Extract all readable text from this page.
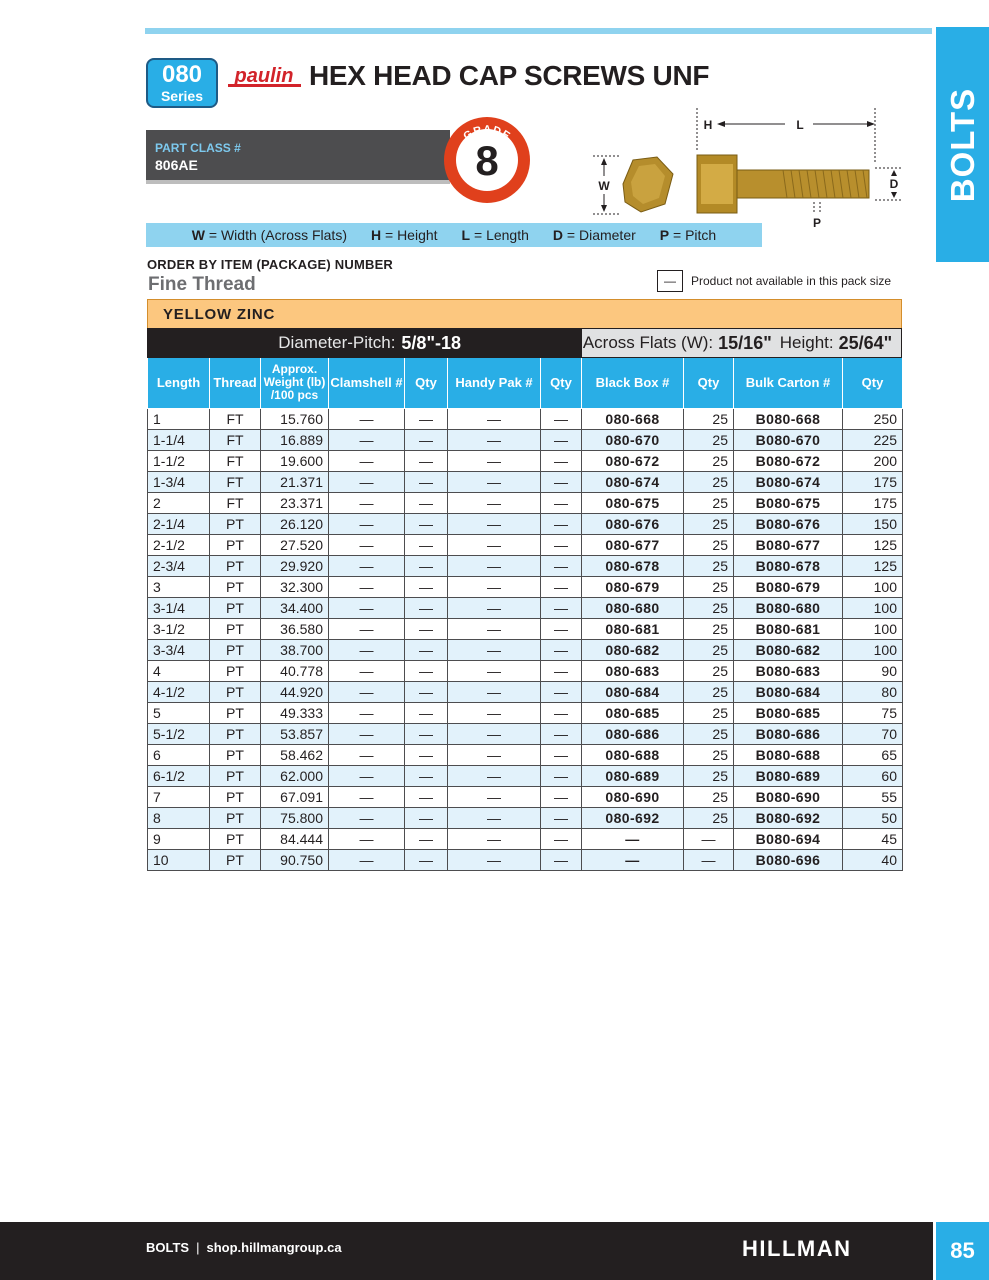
BOLTS
080
Series
paulin HEX HEAD CAP SCREWS UNF
PART CLASS #
806AE
GRADE
8
H	L
W	D
P
W = Width (Across Flats) H = Height L = Length D = Diameter P = Pitch
ORDER BY ITEM (PACKAGE) NUMBER
Fine Thread	—	Product not available in this pack size
YELLOW ZINC
Diameter-Pitch: 5/8"-18	Across Flats (W): 15/16" Height: 25/64"
Length	Thread	Approx.
Weight (lb)
/100 pcs	Clamshell #	Qty	Handy Pak #	Qty	Black Box #	Qty	Bulk Carton #	Qty
1	FT	15.760	—	—	—	—	080-668	25	B080-668	250
1-1/4	FT	16.889	—	—	—	—	080-670	25	B080-670	225
1-1/2	FT	19.600	—	—	—	—	080-672	25	B080-672	200
1-3/4	FT	21.371	—	—	—	—	080-674	25	B080-674	175
2	FT	23.371	—	—	—	—	080-675	25	B080-675	175
2-1/4	PT	26.120	—	—	—	—	080-676	25	B080-676	150
2-1/2	PT	27.520	—	—	—	—	080-677	25	B080-677	125
2-3/4	PT	29.920	—	—	—	—	080-678	25	B080-678	125
3	PT	32.300	—	—	—	—	080-679	25	B080-679	100
3-1/4	PT	34.400	—	—	—	—	080-680	25	B080-680	100
3-1/2	PT	36.580	—	—	—	—	080-681	25	B080-681	100
3-3/4	PT	38.700	—	—	—	—	080-682	25	B080-682	100
4	PT	40.778	—	—	—	—	080-683	25	B080-683	90
4-1/2	PT	44.920	—	—	—	—	080-684	25	B080-684	80
5	PT	49.333	—	—	—	—	080-685	25	B080-685	75
5-1/2	PT	53.857	—	—	—	—	080-686	25	B080-686	70
6	PT	58.462	—	—	—	—	080-688	25	B080-688	65
6-1/2	PT	62.000	—	—	—	—	080-689	25	B080-689	60
7	PT	67.091	—	—	—	—	080-690	25	B080-690	55
8	PT	75.800	—	—	—	—	080-692	25	B080-692	50
9	PT	84.444	—	—	—	—	—	—	B080-694	45
10	PT	90.750	—	—	—	—	—	—	B080-696	40
BOLTS | shop.hillmangroup.ca	HILLMAN	85
